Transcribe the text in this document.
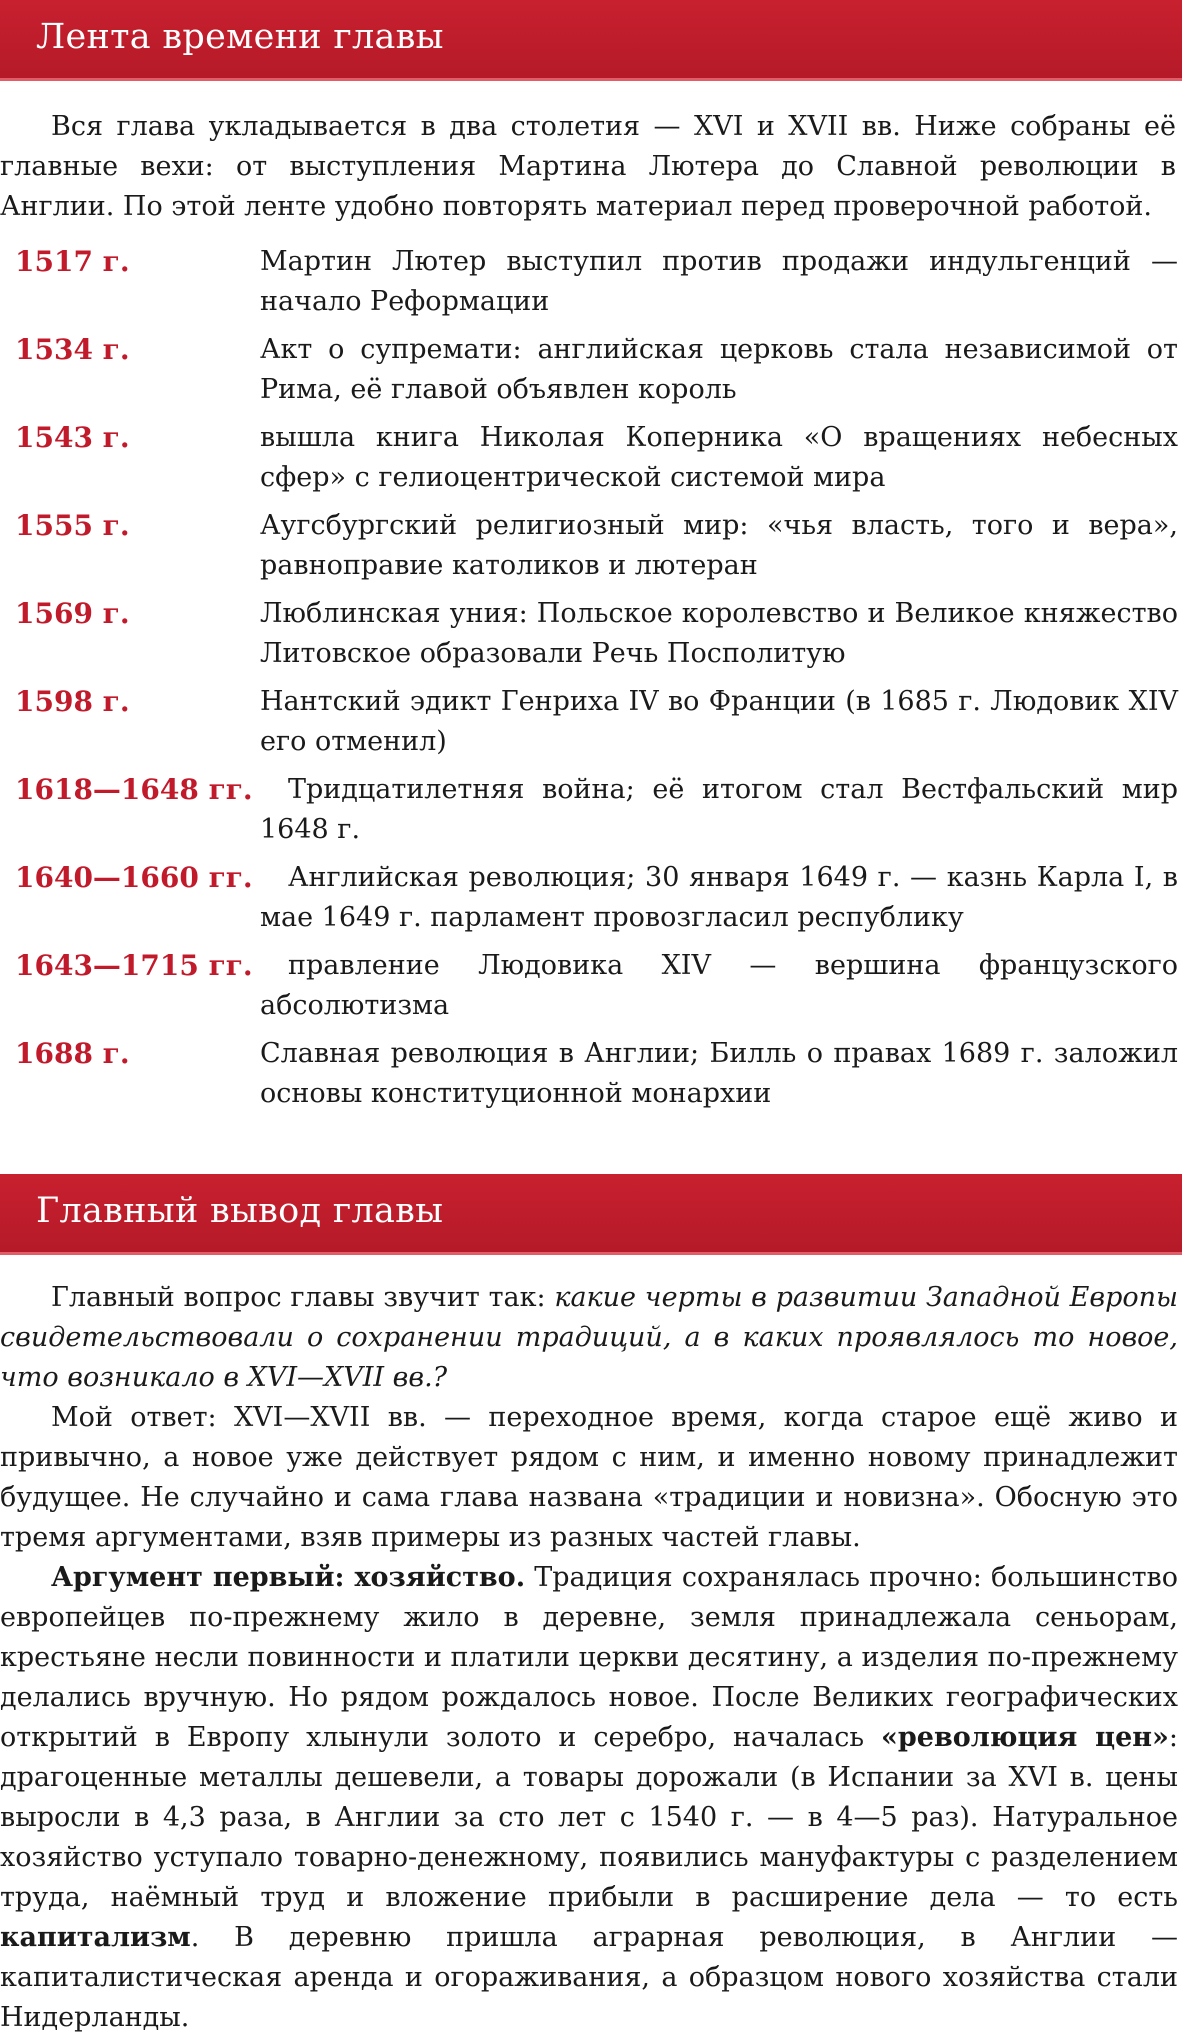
Лента времени главы

Вся глава укладывается в два столетия — XVI и XVII вв. Ниже собраны её главные вехи: от выступления Мартина Лютера до Славной революции в Англии. По этой ленте удобно повторять материал перед проверочной работой.

1517 г.	Мартин Лютер выступил против продажи индульгенций — начало Реформации
1534 г.	Акт о супремати: английская церковь стала независимой от Рима, её главой объявлен король
1543 г.	вышла книга Николая Коперника «О вращениях небесных сфер» с гелиоцентрической системой мира
1555 г.	Аугсбургский религиозный мир: «чья власть, того и вера», равноправие католиков и лютеран
1569 г.	Люблинская уния: Польское королевство и Великое княжество Литовское образовали Речь Посполитую
1598 г.	Нантский эдикт Генриха IV во Франции (в 1685 г. Людовик XIV его отменил)
1618—1648 гг.	Тридцатилетняя война; её итогом стал Вестфальский мир 1648 г.
1640—1660 гг.	Английская революция; 30 января 1649 г. — казнь Карла I, в мае 1649 г. парламент провозгласил республику
1643—1715 гг.	правление Людовика XIV — вершина французского абсолютизма
1688 г.	Славная революция в Англии; Билль о правах 1689 г. заложил основы конституционной монархии
Главный вывод главы

Главный вопрос главы звучит так: какие черты в развитии Западной Европы свидетельствовали о сохранении традиций, а в каких проявлялось то новое, что возникало в XVI—XVII вв.?

Мой ответ: XVI—XVII вв. — переходное время, когда старое ещё живо и привычно, а новое уже действует рядом с ним, и именно новому принадлежит будущее. Не случайно и сама глава названа «традиции и новизна». Обосную это тремя аргументами, взяв примеры из разных частей главы.

Аргумент первый: хозяйство. Традиция сохранялась прочно: большинство европейцев по-прежнему жило в деревне, земля принадлежала сеньорам, крестьяне несли повинности и платили церкви десятину, а изделия по-прежнему делались вручную. Но рядом рождалось новое. После Великих географических открытий в Европу хлынули золото и серебро, началась «революция цен»: драгоценные металлы дешевели, а товары дорожали (в Испании за XVI в. цены выросли в 4,3 раза, в Англии за сто лет с 1540 г. — в 4—5 раз). Натуральное хозяйство уступало товарно-денежному, появились мануфактуры с разделением труда, наёмный труд и вложение прибыли в расширение дела — то есть капитализм. В деревню пришла аграрная революция, в Англии — капиталистическая аренда и огораживания, а образцом нового хозяйства стали Нидерланды.
